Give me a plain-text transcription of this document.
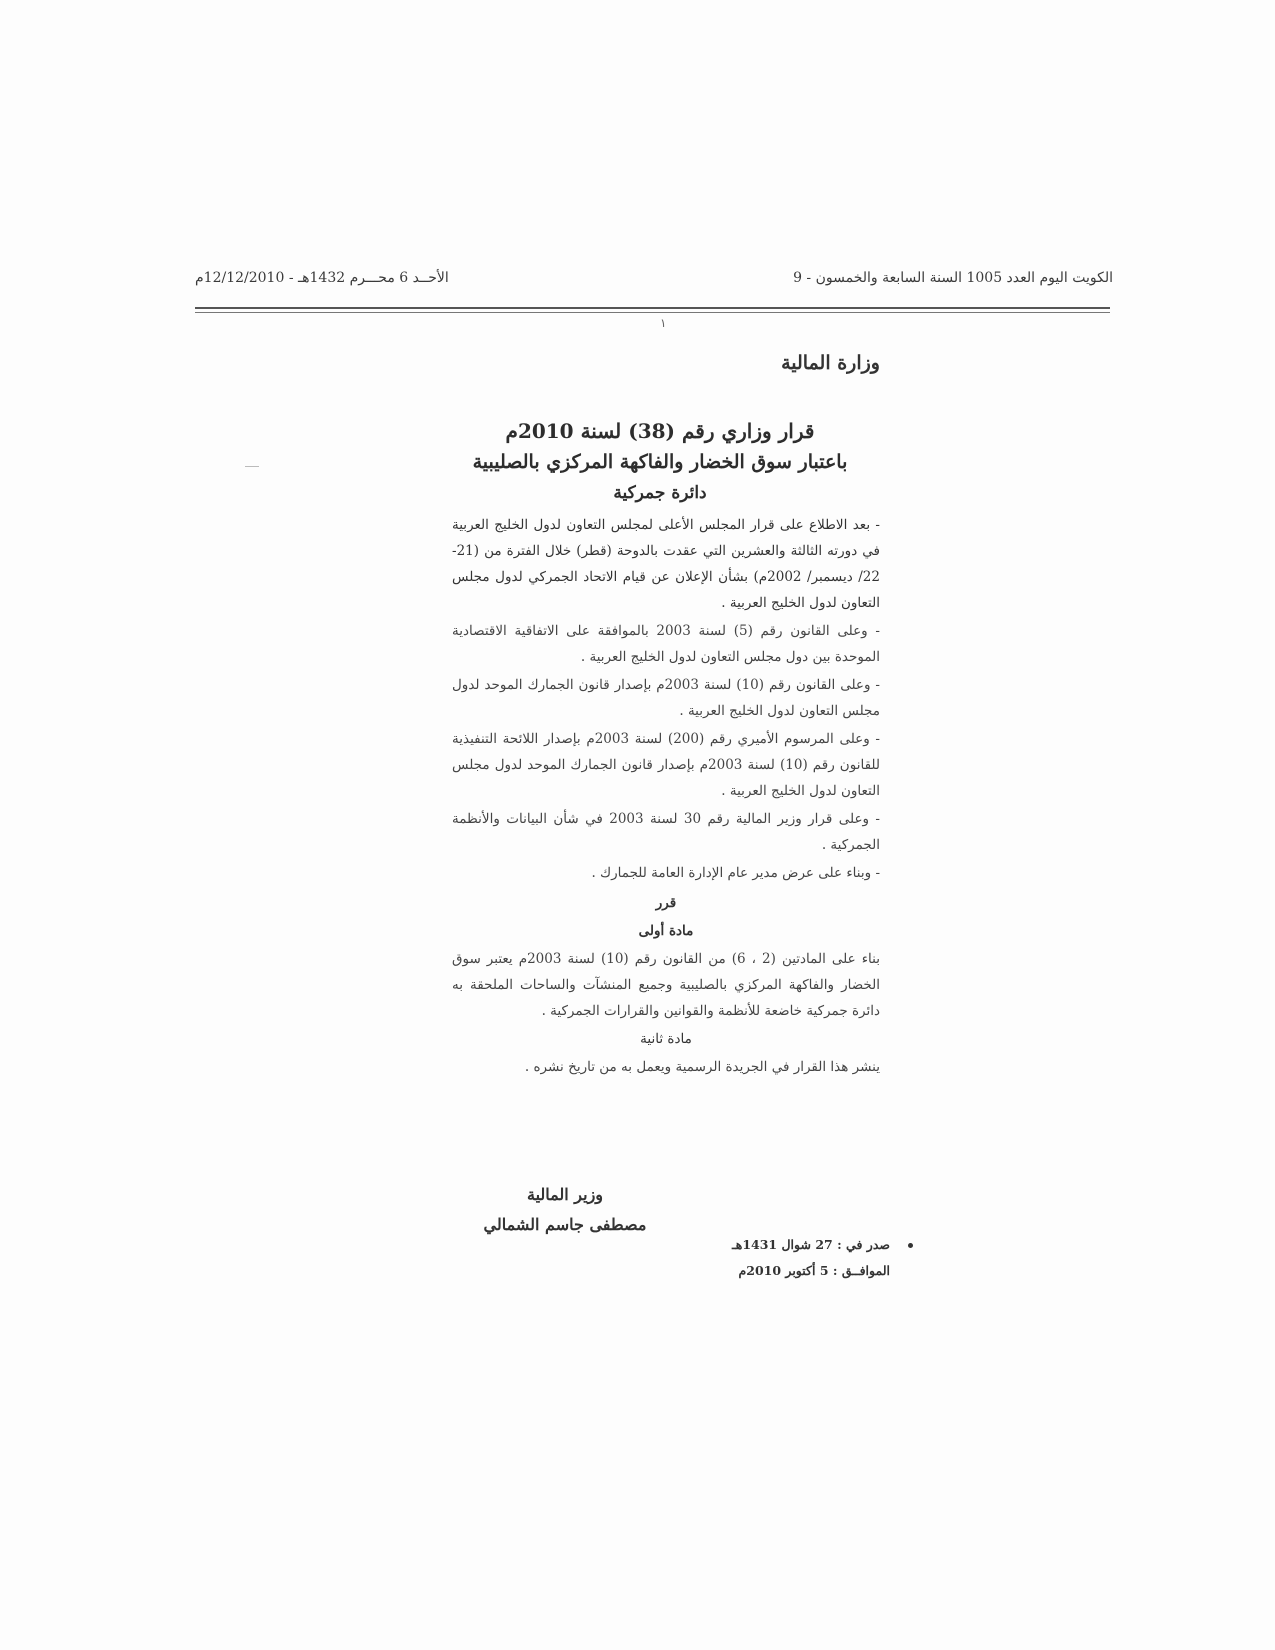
الكويت اليوم العدد 1005 السنة السابعة والخمسون - 9
الأحــد 6 محـــرم 1432هـ - 12/12/2010م
١
وزارة المالية
قرار وزاري رقم (38) لسنة 2010م
باعتبار سوق الخضار والفاكهة المركزي بالصليبية
دائرة جمركية

- بعد الاطلاع على قرار المجلس الأعلى لمجلس التعاون لدول الخليج العربية في دورته الثالثة والعشرين التي عقدت بالدوحة (قطر) خلال الفترة من (21-22/ ديسمبر/ 2002م) بشأن الإعلان عن قيام الاتحاد الجمركي لدول مجلس التعاون لدول الخليج العربية .

- وعلى القانون رقم (5) لسنة 2003 بالموافقة على الاتفاقية الاقتصادية الموحدة بين دول مجلس التعاون لدول الخليج العربية .

- وعلى القانون رقم (10) لسنة 2003م بإصدار قانون الجمارك الموحد لدول مجلس التعاون لدول الخليج العربية .

- وعلى المرسوم الأميري رقم (200) لسنة 2003م بإصدار اللائحة التنفيذية للقانون رقم (10) لسنة 2003م بإصدار قانون الجمارك الموحد لدول مجلس التعاون لدول الخليج العربية .

- وعلى قرار وزير المالية رقم 30 لسنة 2003 في شأن البيانات والأنظمة الجمركية .

- وبناء على عرض مدير عام الإدارة العامة للجمارك .

قرر

مادة أولى

بناء على المادتين (2 ، 6) من القانون رقم (10) لسنة 2003م يعتبر سوق الخضار والفاكهة المركزي بالصليبية وجميع المنشآت والساحات الملحقة به دائرة جمركية خاضعة للأنظمة والقوانين والقرارات الجمركية .

مادة ثانية

ينشر هذا القرار في الجريدة الرسمية ويعمل به من تاريخ نشره .

وزير المالية
مصطفى جاسم الشمالي
صدر في : 27 شوال 1431هـ
الموافــق : 5 أكتوبر 2010م
